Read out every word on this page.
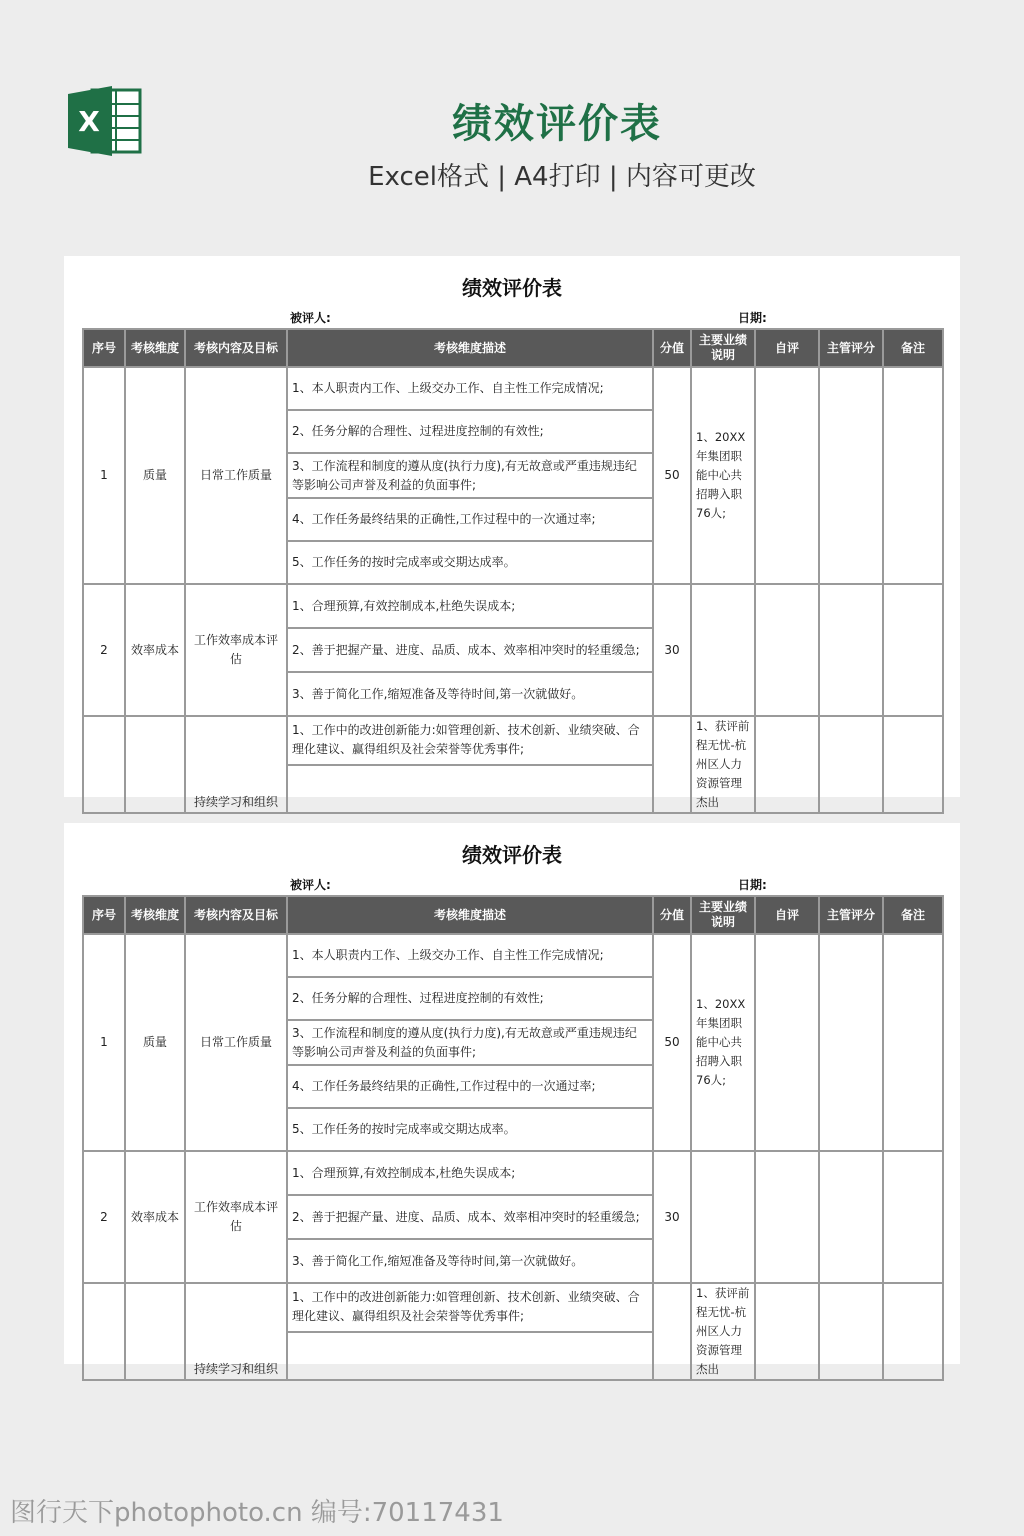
X	绩效评价表
Excel格式 | A4打印 | 内容可更改
绩效评价表
被评人:	日期:
序号	考核维度	考核内容及目标	考核维度描述	分值	主要业绩说明	自评	主管评分	备注
1	质量	日常工作质量	1、本人职责内工作、上级交办工作、自主性工作完成情况;	50	1、20XX年集团职能中心共招聘入职76人;			
			2、任务分解的合理性、过程进度控制的有效性;					
			3、工作流程和制度的遵从度(执行力度),有无故意或严重违规违纪等影响公司声誉及利益的负面事件;					
			4、工作任务最终结果的正确性,工作过程中的一次通过率;					
			5、工作任务的按时完成率或交期达成率。					
2	效率成本	工作效率成本评估	1、合理预算,有效控制成本,杜绝失误成本;	30				
			2、善于把握产量、进度、品质、成本、效率相冲突时的轻重缓急;					
			3、善于简化工作,缩短准备及等待时间,第一次就做好。					
		持续学习和组织	1、工作中的改进创新能力:如管理创新、技术创新、业绩突破、合理化建议、赢得组织及社会荣誉等优秀事件;		1、获评前程无忧-杭州区人力资源管理杰出			

绩效评价表
被评人:	日期:
序号	考核维度	考核内容及目标	考核维度描述	分值	主要业绩说明	自评	主管评分	备注
1	质量	日常工作质量	1、本人职责内工作、上级交办工作、自主性工作完成情况;	50	1、20XX年集团职能中心共招聘入职76人;			
			2、任务分解的合理性、过程进度控制的有效性;					
			3、工作流程和制度的遵从度(执行力度),有无故意或严重违规违纪等影响公司声誉及利益的负面事件;					
			4、工作任务最终结果的正确性,工作过程中的一次通过率;					
			5、工作任务的按时完成率或交期达成率。					
2	效率成本	工作效率成本评估	1、合理预算,有效控制成本,杜绝失误成本;	30				
			2、善于把握产量、进度、品质、成本、效率相冲突时的轻重缓急;					
			3、善于简化工作,缩短准备及等待时间,第一次就做好。					
		持续学习和组织	1、工作中的改进创新能力:如管理创新、技术创新、业绩突破、合理化建议、赢得组织及社会荣誉等优秀事件;		1、获评前程无忧-杭州区人力资源管理杰出			

图行天下photophoto.cn 编号:70117431
